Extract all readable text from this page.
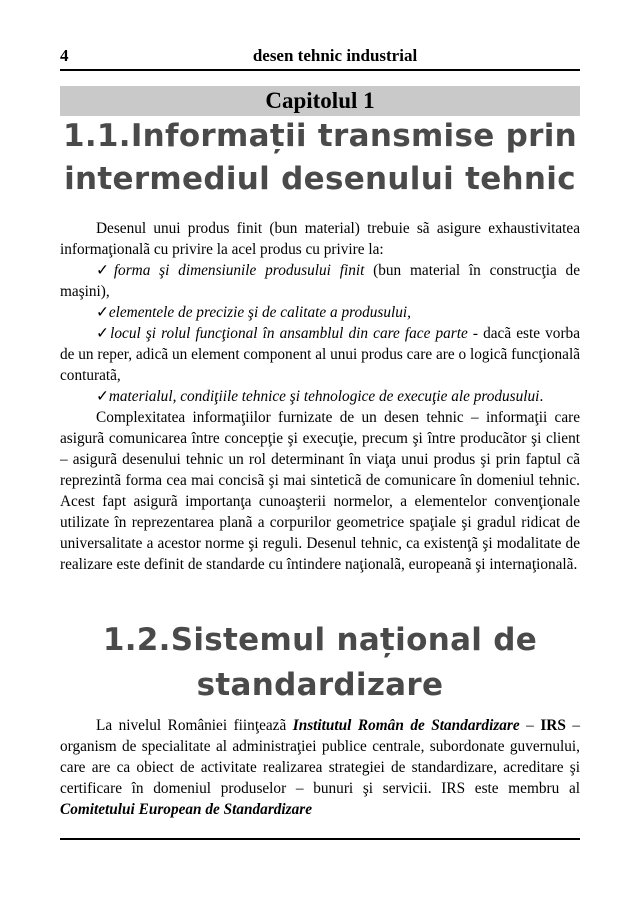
4	desen tehnic industrial
Capitolul 1
1.1.Informații transmise prin intermediul desenului tehnic

Desenul unui produs finit (bun material) trebuie sã asigure exhaustivitatea informaţionalã cu privire la acel produs cu privire la:

✓forma şi dimensiunile produsului finit (bun material în construcţia de maşini),

✓elementele de precizie şi de calitate a produsului,

✓locul şi rolul funcţional în ansamblul din care face parte - dacã este vorba de un reper, adicã un element component al unui produs care are o logicã funcţionalã conturatã,

✓materialul, condiţiile tehnice şi tehnologice de execuţie ale produsului.

Complexitatea informaţiilor furnizate de un desen tehnic – informaţii care asigurã comunicarea între concepţie şi execuţie, precum şi între producãtor şi client – asigurã desenului tehnic un rol determinant în viaţa unui produs şi prin faptul cã reprezintã forma cea mai concisã şi mai sinteticã de comunicare în domeniul tehnic. Acest fapt asigurã importanţa cunoaşterii normelor, a elementelor convenţionale utilizate în reprezentarea planã a corpurilor geometrice spaţiale şi gradul ridicat de universalitate a acestor norme şi reguli. Desenul tehnic, ca existenţã şi modalitate de realizare este definit de standarde cu întindere naţionalã, europeanã şi internaţionalã.

1.2.Sistemul național de standardizare

La nivelul României fiinţeazã Institutul Român de Standardizare – IRS – organism de specialitate al administraţiei publice centrale, subordonate guvernului, care are ca obiect de activitate realizarea strategiei de standardizare, acreditare şi certificare în domeniul produselor – bunuri şi servicii. IRS este membru al Comitetului European de Standardizare
